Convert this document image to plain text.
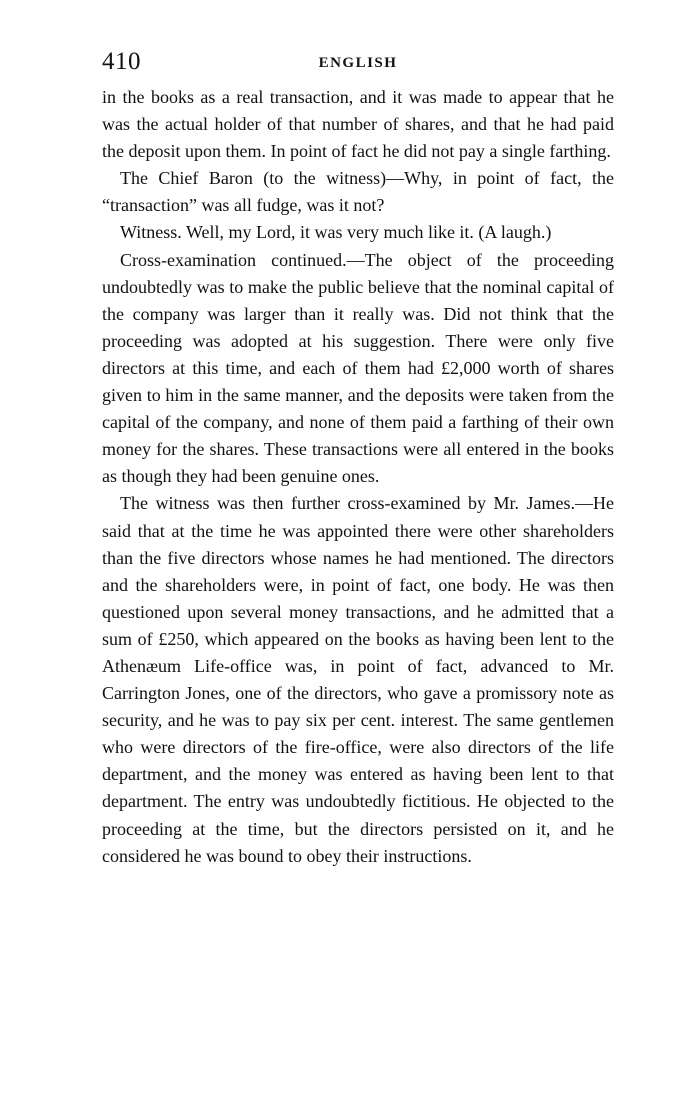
410	ENGLISH

in the books as a real transaction, and it was made to appear that he was the actual holder of that number of shares, and that he had paid the deposit upon them. In point of fact he did not pay a single farthing.

The Chief Baron (to the witness)—Why, in point of fact, the “transaction” was all fudge, was it not?

Witness. Well, my Lord, it was very much like it. (A laugh.)

Cross-examination continued.—The object of the proceeding undoubtedly was to make the public believe that the nominal capital of the company was larger than it really was. Did not think that the proceeding was adopted at his suggestion. There were only five directors at this time, and each of them had £2,000 worth of shares given to him in the same manner, and the deposits were taken from the capital of the company, and none of them paid a farthing of their own money for the shares. These transactions were all entered in the books as though they had been genuine ones.

The witness was then further cross-examined by Mr. James.—He said that at the time he was appointed there were other shareholders than the five directors whose names he had mentioned. The directors and the shareholders were, in point of fact, one body. He was then questioned upon several money transactions, and he admitted that a sum of £250, which appeared on the books as having been lent to the Athenæum Life-office was, in point of fact, advanced to Mr. Carrington Jones, one of the directors, who gave a promissory note as security, and he was to pay six per cent. interest. The same gentlemen who were directors of the fire-office, were also directors of the life department, and the money was entered as having been lent to that department. The entry was undoubtedly fictitious. He objected to the proceeding at the time, but the directors persisted on it, and he considered he was bound to obey their instructions.
